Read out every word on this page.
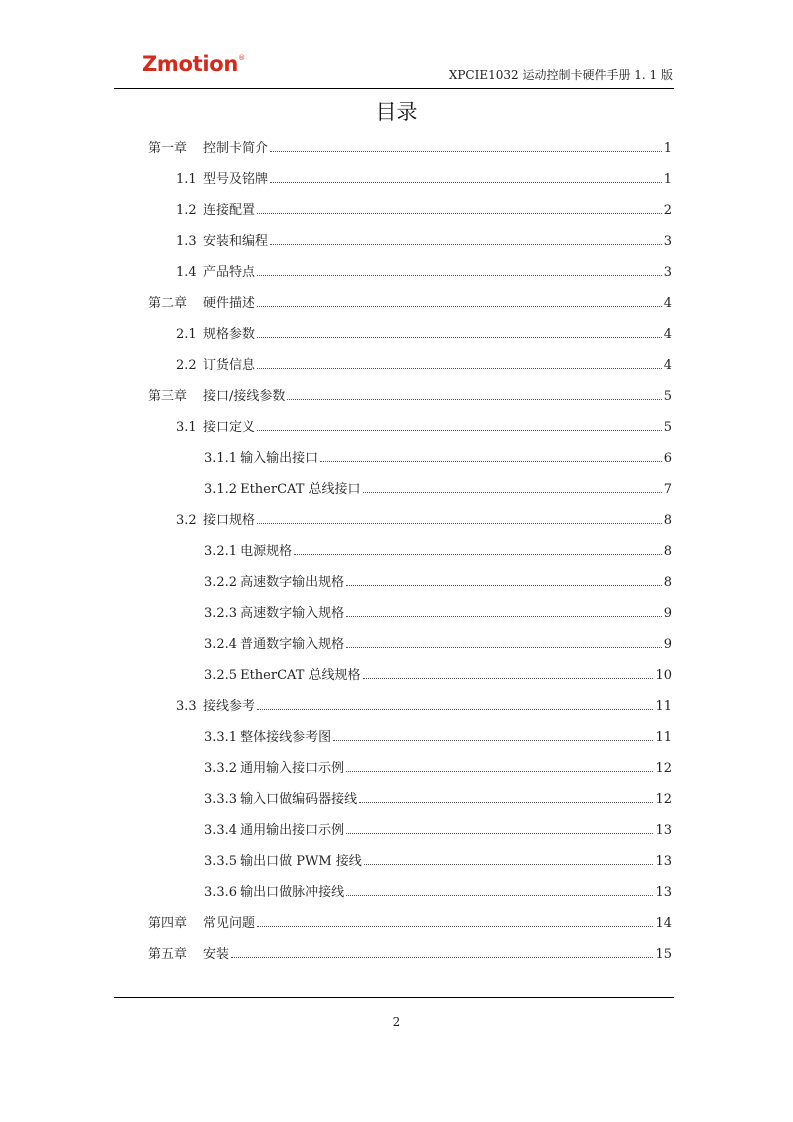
Zmotion®
XPCIE1032 运动控制卡硬件手册 1. 1 版
目录
第一章	控制卡简介	1
1.1 型号及铭牌	1
1.2 连接配置	2
1.3 安装和编程	3
1.4 产品特点	3
第二章	硬件描述	4
2.1 规格参数	4
2.2 订货信息	4
第三章	接口/接线参数	5
3.1 接口定义	5
3.1.1 输入输出接口	6
3.1.2 EtherCAT 总线接口	7
3.2 接口规格	8
3.2.1 电源规格	8
3.2.2 高速数字输出规格	8
3.2.3 高速数字输入规格	9
3.2.4 普通数字输入规格	9
3.2.5 EtherCAT 总线规格	10
3.3 接线参考	11
3.3.1 整体接线参考图	11
3.3.2 通用输入接口示例	12
3.3.3 输入口做编码器接线	12
3.3.4 通用输出接口示例	13
3.3.5 输出口做 PWM 接线	13
3.3.6 输出口做脉冲接线	13
第四章	常见问题	14
第五章	安装	15
2
